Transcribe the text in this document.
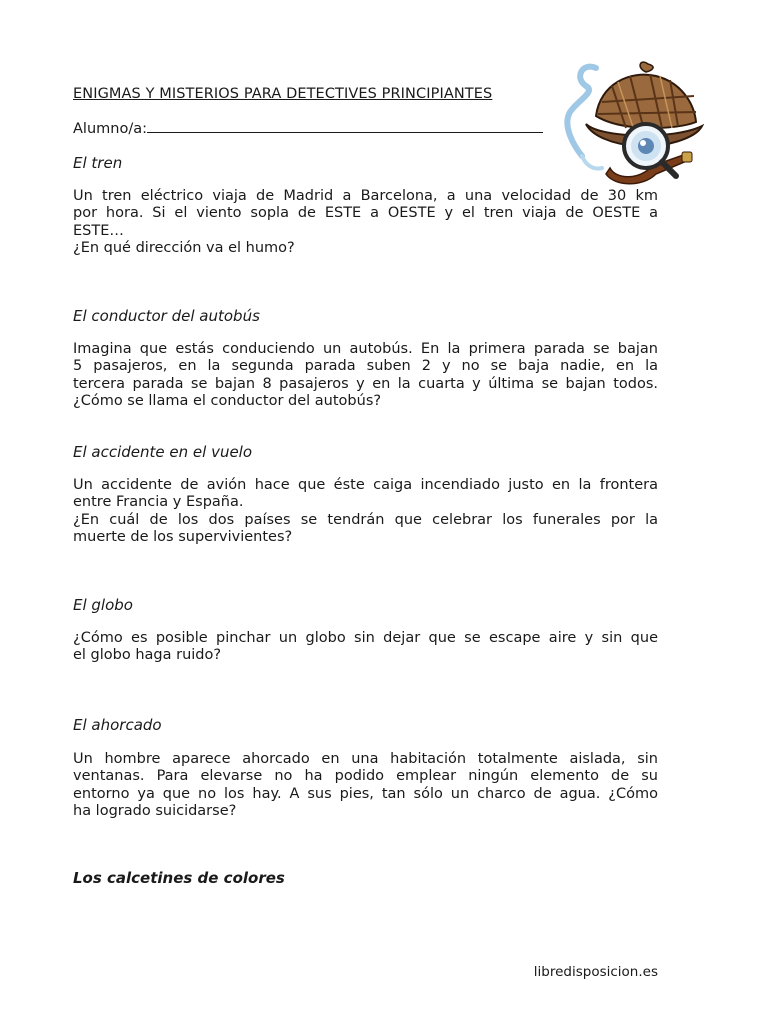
ENIGMAS Y MISTERIOS PARA DETECTIVES PRINCIPIANTES
Alumno/a:
El tren

Un tren eléctrico viaja de Madrid a Barcelona, a una velocidad de 30 km

por hora. Si el viento sopla de ESTE a OESTE y el tren viaja de OESTE a

ESTE…

¿En qué dirección va el humo?

El conductor del autobús

Imagina que estás conduciendo un autobús. En la primera parada se bajan

5 pasajeros, en la segunda parada suben 2 y no se baja nadie, en la

tercera parada se bajan 8 pasajeros y en la cuarta y última se bajan todos.

¿Cómo se llama el conductor del autobús?

El accidente en el vuelo

Un accidente de avión hace que éste caiga incendiado justo en la frontera

entre Francia y España.

¿En cuál de los dos países se tendrán que celebrar los funerales por la

muerte de los supervivientes?

El globo

¿Cómo es posible pinchar un globo sin dejar que se escape aire y sin que

el globo haga ruido?

El ahorcado

Un hombre aparece ahorcado en una habitación totalmente aislada, sin

ventanas. Para elevarse no ha podido emplear ningún elemento de su

entorno ya que no los hay. A sus pies, tan sólo un charco de agua. ¿Cómo

ha logrado suicidarse?

Los calcetines de colores
libredisposicion.es
